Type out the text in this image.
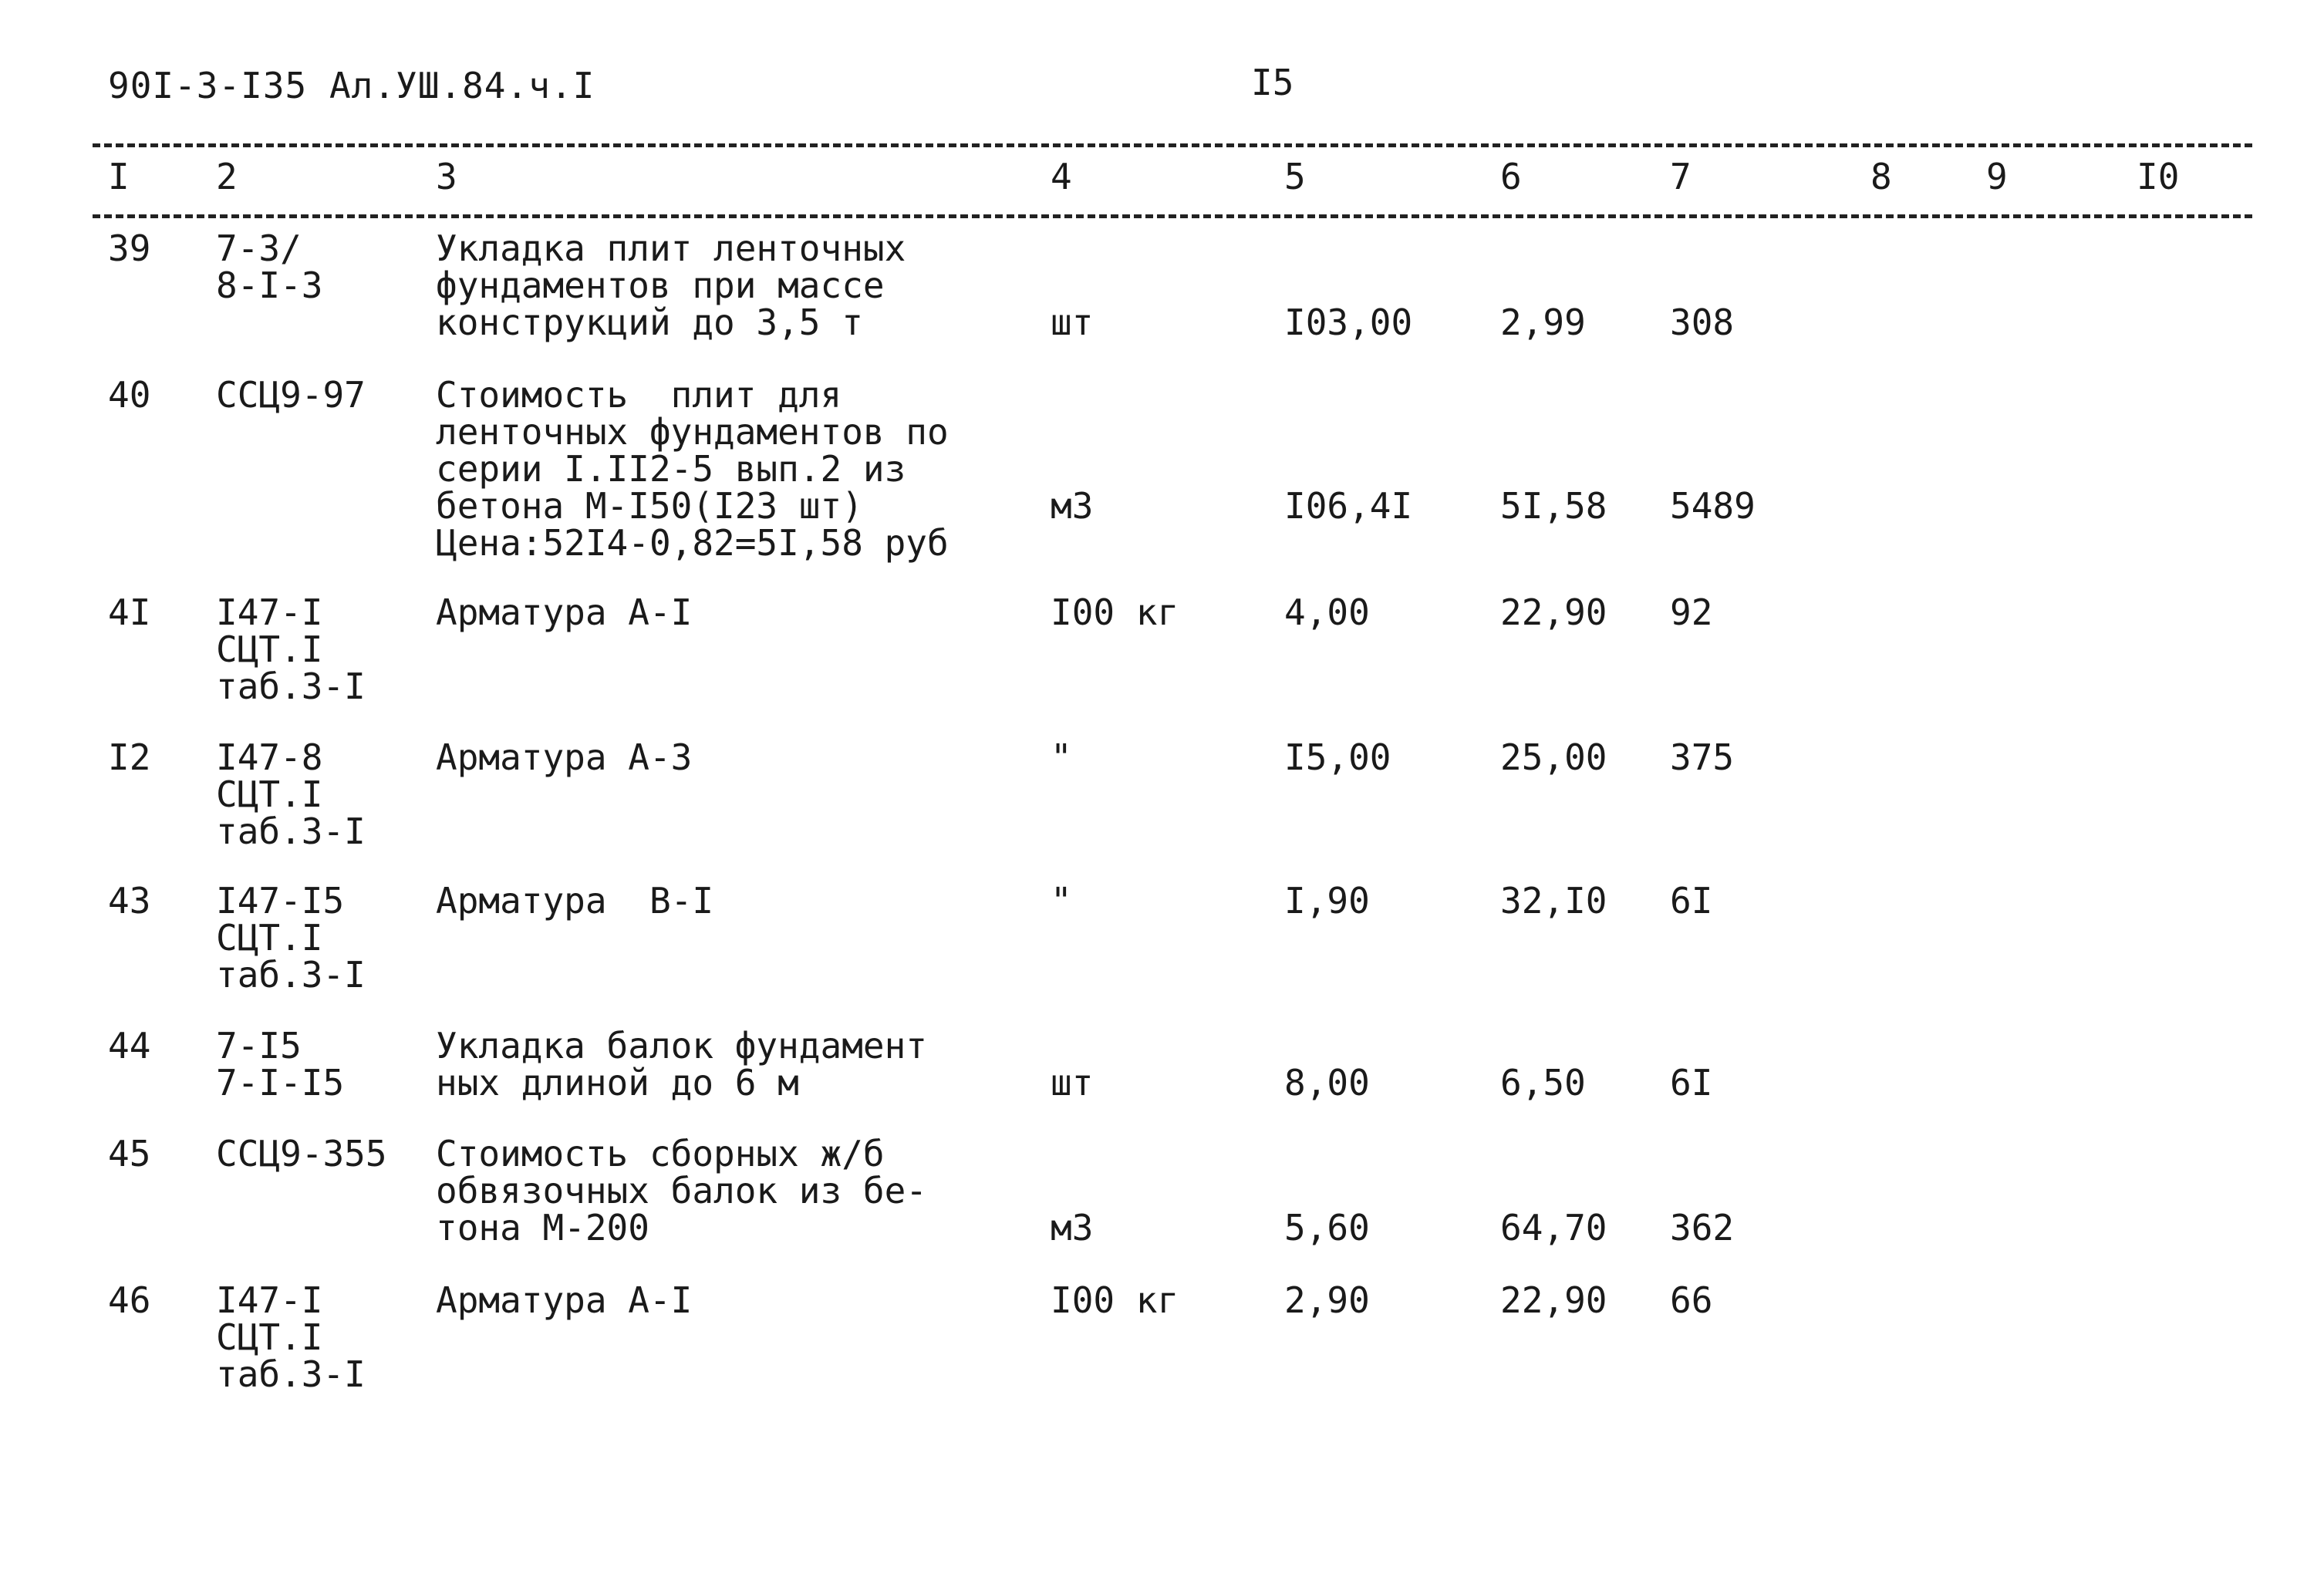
90I-3-I35 Ал.УШ.84.ч.I	I5
I 2	3	4	5	6	7	8	9	I0
39 7-3/
8-I-3
Укладка плит ленточных
фундаментов при массе
конструкций до 3,5 т	шт	I03,00 2,99 308
40 ССЦ9-97 Стоимость  плит для
ленточных фундаментов по
серии I.II2-5 вып.2 из
бетона М-I50(I23 шт)
Цена:52I4-0,82=5I,58 руб
м3	I06,4I 5I,58 5489
4I I47-I
СЦТ.I
таб.3-I
Арматура А-I	I00 кг	4,00	22,90 92
I2 I47-8
СЦТ.I
таб.3-I
Арматура А-3	"	I5,00	25,00 375
43 I47-I5
СЦТ.I
таб.3-I
Арматура  В-I	"	I,90	32,I0 6I
44 7-I5
7-I-I5
Укладка балок фундамент
ных длиной до 6 м	шт	8,00	6,50 6I
45 ССЦ9-355 Стоимость сборных ж/б
обвязочных балок из бе-
тона М-200	м3	5,60	64,70 362
46 I47-I
СЦТ.I
таб.3-I
Арматура А-I	I00 кг	2,90	22,90 66
